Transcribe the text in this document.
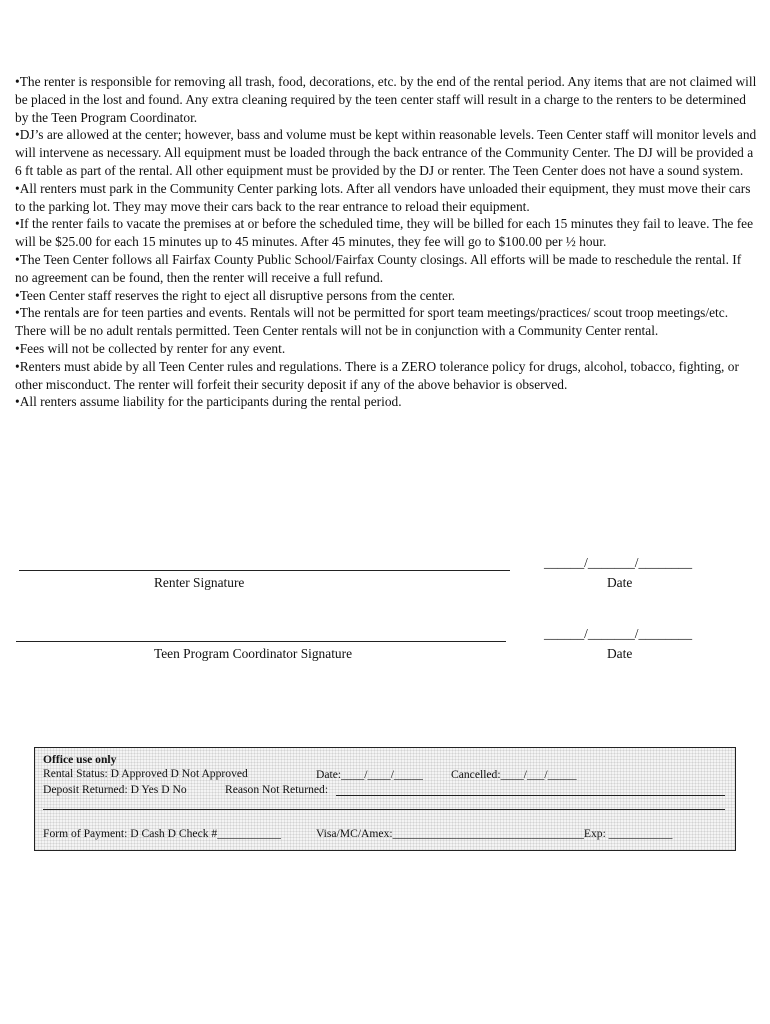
•The renter is responsible for removing all trash, food, decorations, etc. by the end of the rental period. Any items that are not claimed will be placed in the lost and found. Any extra cleaning required by the teen center staff will result in a charge to the renters to be determined by the Teen Program Coordinator.

•DJ’s are allowed at the center; however, bass and volume must be kept within reasonable levels. Teen Center staff will monitor levels and will intervene as necessary. All equipment must be loaded through the back entrance of the Community Center. The DJ will be provided a 6 ft table as part of the rental. All other equipment must be provided by the DJ or renter. The Teen Center does not have a sound system.

•All renters must park in the Community Center parking lots. After all vendors have unloaded their equipment, they must move their cars to the parking lot. They may move their cars back to the rear entrance to reload their equipment.

•If the renter fails to vacate the premises at or before the scheduled time, they will be billed for each 15 minutes they fail to leave. The fee will be $25.00 for each 15 minutes up to 45 minutes. After 45 minutes, they fee will go to $100.00 per ½ hour.

•The Teen Center follows all Fairfax County Public School/Fairfax County closings. All efforts will be made to reschedule the rental. If no agreement can be found, then the renter will receive a full refund.

•Teen Center staff reserves the right to eject all disruptive persons from the center.

•The rentals are for teen parties and events. Rentals will not be permitted for sport team meetings/practices/ scout troop meetings/etc. There will be no adult rentals permitted. Teen Center rentals will not be in conjunction with a Community Center rental.

•Fees will not be collected by renter for any event.

•Renters must abide by all Teen Center rules and regulations. There is a ZERO tolerance policy for drugs, alcohol, tobacco, fighting, or other misconduct. The renter will forfeit their security deposit if any of the above behavior is observed.

•All renters assume liability for the participants during the rental period.

Renter Signature
______/_______/________
Date
Teen Program Coordinator Signature
______/_______/________
Date
Office use only
Rental Status: D Approved D Not Approved	Date:____/____/_____ Cancelled:____/___/_____
Deposit Returned: D Yes D No	Reason Not Returned:
Form of Payment: D Cash D Check #___________	Visa/MC/Amex:_________________________________Exp: ___________
